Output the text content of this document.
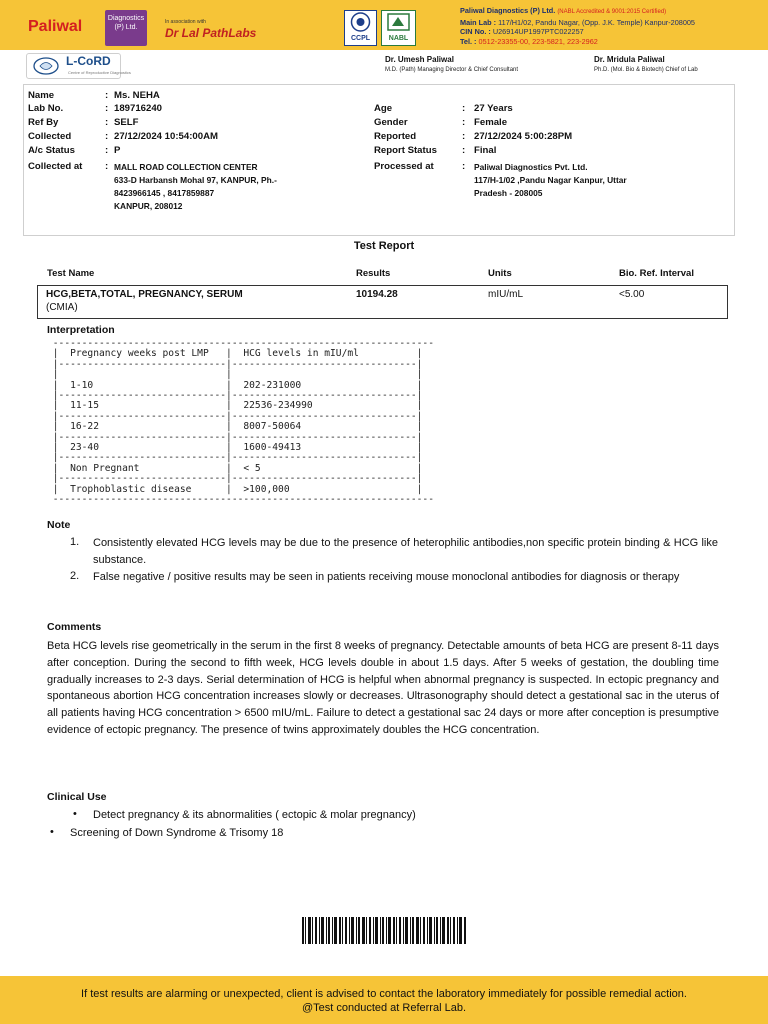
Paliwal	Diagnostics (P) Ltd.
In association with
Dr Lal PathLabs	CCPL	NABL
Paliwal Diagnostics (P) Ltd. (NABL Accredited & 9001:2015 Certified)
Main Lab : 117/H1/02, Pandu Nagar, (Opp. J.K. Temple) Kanpur-208005
CIN No. : U26914UP1997PTC022257
Tel. : 0512-23355-00, 223-5821, 223-2962
L-CoRD
Centre of Reproductive Diagnostics
Dr. Umesh Paliwal
M.D. (Path) Managing Director & Chief Consultant
Dr. Mridula Paliwal
Ph.D. (Mol. Bio & Biotech) Chief of Lab
Name	: Ms. NEHA
Lab No.	: 189716240
Ref By	: SELF
Collected	: 27/12/2024 10:54:00AM
A/c Status	: P
Collected at : MALL ROAD COLLECTION CENTER
633-D Harbansh Mohal 97, KANPUR, Ph.-
8423966145 , 8417859887
KANPUR, 208012
Age	: 27 Years
Gender	: Female
Reported	: 27/12/2024 5:00:28PM
Report Status	: Final
Processed at	: Paliwal Diagnostics Pvt. Ltd.
117/H-1/02 ,Pandu Nagar Kanpur, Uttar
Pradesh - 208005
Test Report
Test Name	Results	Units	Bio. Ref. Interval
HCG,BETA,TOTAL, PREGNANCY, SERUM
(CMIA)
10194.28	mIU/mL	<5.00
Interpretation
------------------------------------------------------------------
|  Pregnancy weeks post LMP   |  HCG levels in mIU/ml          |
|-----------------------------|--------------------------------|
|                             |                                |
|  1-10                       |  202-231000                    |
|-----------------------------|--------------------------------|
|  11-15                      |  22536-234990                  |
|-----------------------------|--------------------------------|
|  16-22                      |  8007-50064                    |
|-----------------------------|--------------------------------|
|  23-40                      |  1600-49413                    |
|-----------------------------|--------------------------------|
|  Non Pregnant               |  < 5                           |
|-----------------------------|--------------------------------|
|  Trophoblastic disease      |  >100,000                      |
------------------------------------------------------------------
Note
1. Consistently elevated HCG levels may be due to the presence of heterophilic antibodies,non specific protein binding & HCG like substance.
2. False negative / positive results may be seen in patients receiving mouse monoclonal antibodies for diagnosis or therapy
Comments
Beta HCG levels rise geometrically in the serum in the first 8 weeks of pregnancy. Detectable amounts of beta HCG are present 8-11 days after conception. During the second to fifth week, HCG levels double in about 1.5 days. After 5 weeks of gestation, the doubling time gradually increases to 2-3 days. Serial determination of HCG is helpful when abnormal pregnancy is suspected. In ectopic pregnancy and spontaneous abortion HCG concentration increases slowly or decreases. Ultrasonography should detect a gestational sac in the uterus of all patients having HCG concentration > 6500 mIU/mL. Failure to detect a gestational sac 24 days or more after conception is presumptive evidence of ectopic pregnancy. The presence of twins approximately doubles the HCG concentration.
Clinical Use
• Detect pregnancy & its abnormalities ( ectopic & molar pregnancy)
• Screening of Down Syndrome & Trisomy 18
If test results are alarming or unexpected, client is advised to contact the laboratory immediately for possible remedial action.
@Test conducted at Referral Lab.
